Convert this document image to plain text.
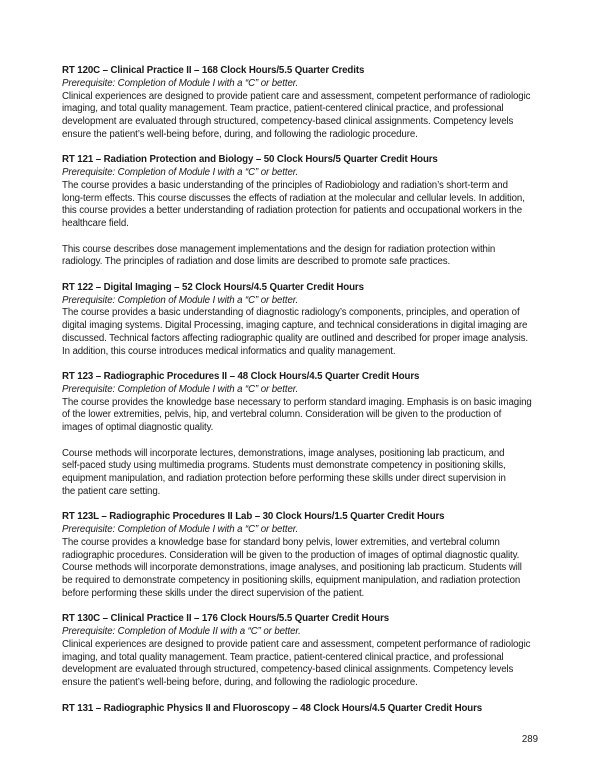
RT 120C – Clinical Practice II – 168 Clock Hours/5.5 Quarter Credits
Prerequisite: Completion of Module I with a “C” or better.
Clinical experiences are designed to provide patient care and assessment, competent performance of radiologic
imaging, and total quality management. Team practice, patient-centered clinical practice, and professional
development are evaluated through structured, competency-based clinical assignments. Competency levels
ensure the patient’s well-being before, during, and following the radiologic procedure.
RT 121 – Radiation Protection and Biology – 50 Clock Hours/5 Quarter Credit Hours
Prerequisite: Completion of Module I with a “C” or better.
The course provides a basic understanding of the principles of Radiobiology and radiation’s short-term and
long-term effects. This course discusses the effects of radiation at the molecular and cellular levels. In addition,
this course provides a better understanding of radiation protection for patients and occupational workers in the
healthcare field.
This course describes dose management implementations and the design for radiation protection within
radiology. The principles of radiation and dose limits are described to promote safe practices.
RT 122 – Digital Imaging – 52 Clock Hours/4.5 Quarter Credit Hours
Prerequisite: Completion of Module I with a “C” or better.
The course provides a basic understanding of diagnostic radiology’s components, principles, and operation of
digital imaging systems. Digital Processing, imaging capture, and technical considerations in digital imaging are
discussed. Technical factors affecting radiographic quality are outlined and described for proper image analysis.
In addition, this course introduces medical informatics and quality management.
RT 123 – Radiographic Procedures II – 48 Clock Hours/4.5 Quarter Credit Hours
Prerequisite: Completion of Module I with a “C” or better.
The course provides the knowledge base necessary to perform standard imaging. Emphasis is on basic imaging
of the lower extremities, pelvis, hip, and vertebral column. Consideration will be given to the production of
images of optimal diagnostic quality.
Course methods will incorporate lectures, demonstrations, image analyses, positioning lab practicum, and
self-paced study using multimedia programs. Students must demonstrate competency in positioning skills,
equipment manipulation, and radiation protection before performing these skills under direct supervision in
the patient care setting.
RT 123L – Radiographic Procedures II Lab – 30 Clock Hours/1.5 Quarter Credit Hours
Prerequisite: Completion of Module I with a “C” or better.
The course provides a knowledge base for standard bony pelvis, lower extremities, and vertebral column
radiographic procedures. Consideration will be given to the production of images of optimal diagnostic quality.
Course methods will incorporate demonstrations, image analyses, and positioning lab practicum. Students will
be required to demonstrate competency in positioning skills, equipment manipulation, and radiation protection
before performing these skills under the direct supervision of the patient.
RT 130C – Clinical Practice II – 176 Clock Hours/5.5 Quarter Credit Hours
Prerequisite: Completion of Module II with a “C” or better.
Clinical experiences are designed to provide patient care and assessment, competent performance of radiologic
imaging, and total quality management. Team practice, patient-centered clinical practice, and professional
development are evaluated through structured, competency-based clinical assignments. Competency levels
ensure the patient’s well-being before, during, and following the radiologic procedure.
RT 131 – Radiographic Physics II and Fluoroscopy – 48 Clock Hours/4.5 Quarter Credit Hours
289
